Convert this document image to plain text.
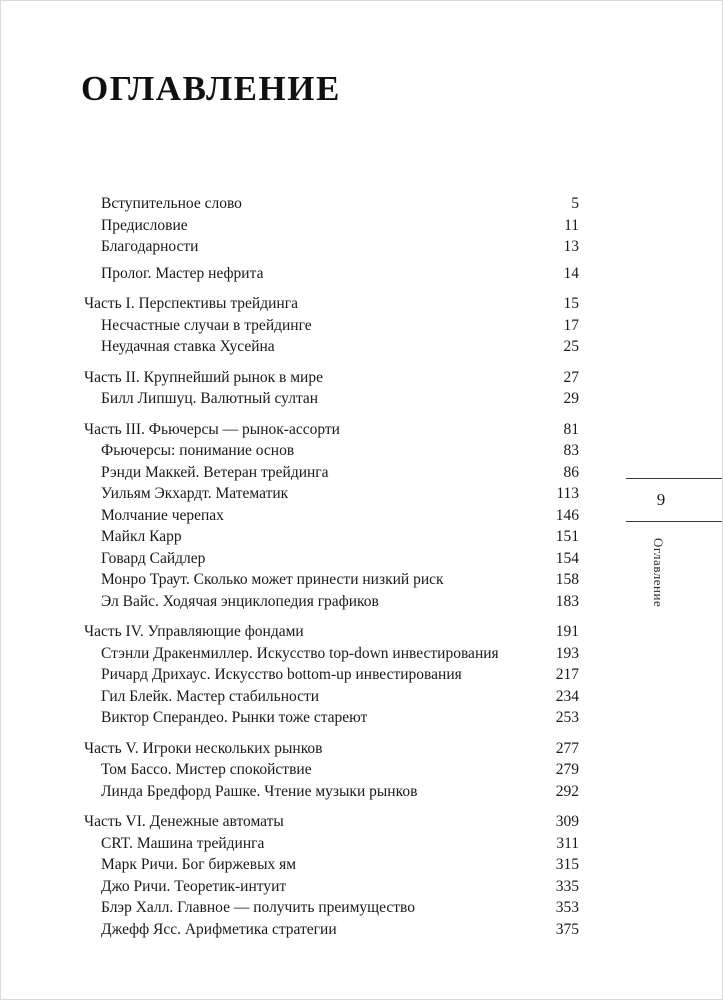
ОГЛАВЛЕНИЕ
Вступительное слово	5
Предисловие	11
Благодарности	13
Пролог. Мастер нефрита	14
Часть I. Перспективы трейдинга	15
Несчастные случаи в трейдинге	17
Неудачная ставка Хусейна	25
Часть II. Крупнейший рынок в мире	27
Билл Липшуц. Валютный султан	29
Часть III. Фьючерсы — рынок-ассорти	81
Фьючерсы: понимание основ	83
Рэнди Маккей. Ветеран трейдинга	86
Уильям Экхардт. Математик	113
Молчание черепах	146
Майкл Карр	151
Говард Сайдлер	154
Монро Траут. Сколько может принести низкий риск	158
Эл Вайс. Ходячая энциклопедия графиков	183
Часть IV. Управляющие фондами	191
Стэнли Дракенмиллер. Искусство top-down инвестирования	193
Ричард Дрихаус. Искусство bottom-up инвестирования	217
Гил Блейк. Мастер стабильности	234
Виктор Сперандео. Рынки тоже стареют	253
Часть V. Игроки нескольких рынков	277
Том Бассо. Мистер спокойствие	279
Линда Бредфорд Рашке. Чтение музыки рынков	292
Часть VI. Денежные автоматы	309
CRT. Машина трейдинга	311
Марк Ричи. Бог биржевых ям	315
Джо Ричи. Теоретик-интуит	335
Блэр Халл. Главное — получить преимущество	353
Джефф Ясс. Арифметика стратегии	375
9
Оглавление
